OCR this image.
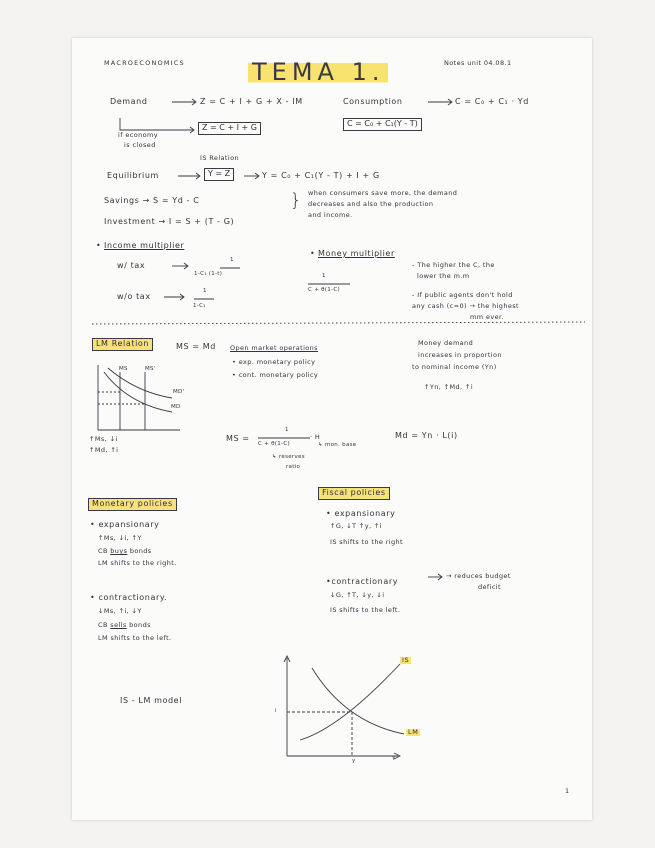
MACROECONOMICS	TEMA 1.	Notes unit 04.08.1
Demand	Z = C + I + G + X - IM
if economy
is closed
Z = C + I + G
Consumption	C = C₀ + C₁ · Yd
C = C₀ + C₁(Y - T)
IS Relation
Equilibrium	Y = Z	Y = C₀ + C₁(Y - T) + I + G
Savings → S = Yd - C
Investment → I = S + (T - G)
} when consumers save more, the demand
decreases and also the production
and income.
• Income multiplier
w/ tax
1
1-C₁ (1-t)
w/o tax
1
1-C₁
• Money multiplier
1
C + θ(1-C)
- The higher the C, the
lower the m.m
- If public agents don't hold
any cash (c=0) → the highest
mm ever.
LM Relation	MS = Md
MS	MS'
MD'
MD
↑Ms, ↓i
↑Md, ↑i
Open market operations
• exp. monetary policy
• cont. monetary policy
Money demand
increases in proportion
to nominal income (Yn)
↑Yn, ↑Md, ↑i
MS =
1
C + θ(1-C)
· H
↳ mon. base
↳ reserves
ratio
Md = Yn · L(i)
Monetary policies
• expansionary
↑Ms, ↓i, ↑Y
CB buys bonds
LM shifts to the right.
• contractionary.
↓Ms, ↑i, ↓Y
CB sells bonds
LM shifts to the left.
Fiscal policies
• expansionary
↑G, ↓T ↑y, ↑i
IS shifts to the right
•contractionary
→ reduces budget
deficit
↓G, ↑T, ↓y, ↓i
IS shifts to the left.
IS - LM model
IS
LM
i
y	Y
1
